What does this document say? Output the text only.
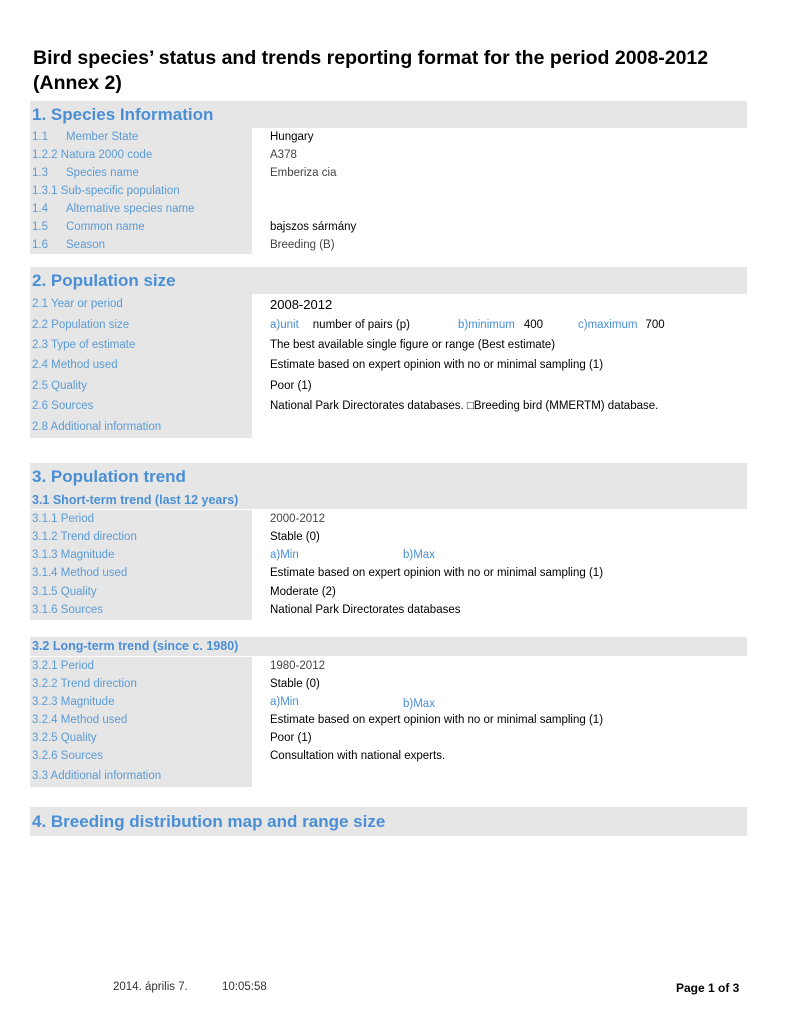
Bird species’ status and trends reporting format for the period 2008-2012 (Annex 2)
1. Species Information
1.1 Member State	Hungary
1.2.2 Natura 2000 code	A378
1.3 Species name	Emberiza cia
1.3.1 Sub-specific population
1.4 Alternative species name
1.5 Common name	bajszos sármány
1.6 Season	Breeding (B)
2. Population size
2.1 Year or period	2008-2012
2.2 Population size	a)unit number of pairs (p)	b)minimum 400	c)maximum 700
2.3 Type of estimate	The best available single figure or range (Best estimate)
2.4 Method used	Estimate based on expert opinion with no or minimal sampling (1)
2.5 Quality	Poor (1)
2.6 Sources	National Park Directorates databases. □Breeding bird (MMERTM) database.
2.8 Additional information
3. Population trend
3.1 Short-term trend (last 12 years)
3.1.1 Period	2000-2012
3.1.2 Trend direction	Stable (0)
3.1.3 Magnitude	a)Min	b)Max
3.1.4 Method used	Estimate based on expert opinion with no or minimal sampling (1)
3.1.5 Quality	Moderate (2)
3.1.6 Sources	National Park Directorates databases
3.2 Long-term trend (since c. 1980)
3.2.1 Period	1980-2012
3.2.2 Trend direction	Stable (0)
3.2.3 Magnitude	a)Min	b)Max
3.2.4 Method used	Estimate based on expert opinion with no or minimal sampling (1)
3.2.5 Quality	Poor (1)
3.2.6 Sources	Consultation with national experts.
3.3 Additional information
4. Breeding distribution map and range size
2014. április 7.	10:05:58	Page 1 of 3
